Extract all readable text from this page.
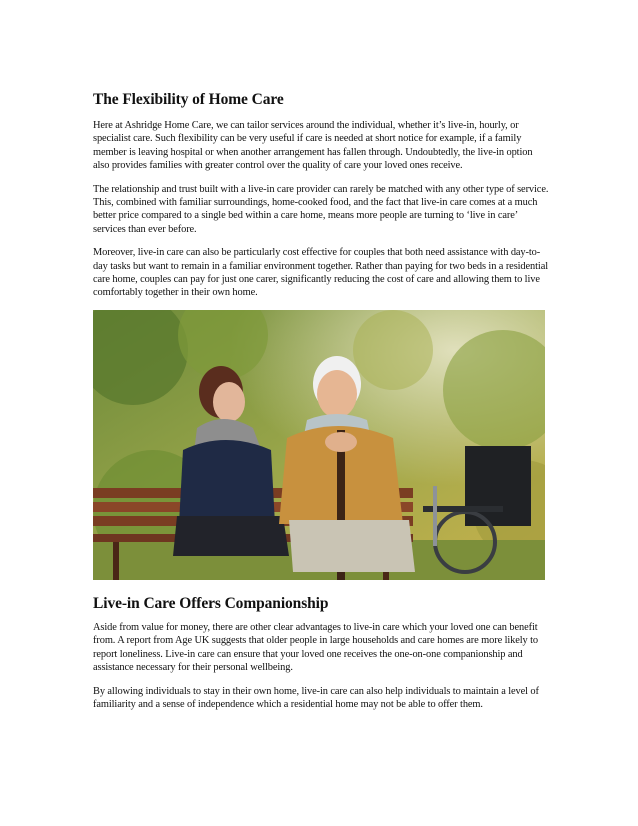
The Flexibility of Home Care

Here at Ashridge Home Care, we can tailor services around the individual, whether it’s live-in, hourly, or specialist care. Such flexibility can be very useful if care is needed at short notice for example, if a family member is leaving hospital or when another arrangement has fallen through. Undoubtedly, the live-in option also provides families with greater control over the quality of care your loved ones receive.

The relationship and trust built with a live-in care provider can rarely be matched with any other type of service. This, combined with familiar surroundings, home-cooked food, and the fact that live-in care comes at a much better price compared to a single bed within a care home, means more people are turning to ‘live in care’ services than ever before.

Moreover, live-in care can also be particularly cost effective for couples that both need assistance with day-to-day tasks but want to remain in a familiar environment together. Rather than paying for two beds in a residential care home, couples can pay for just one carer, significantly reducing the cost of care and allowing them to live comfortably together in their own home.

Live-in Care Offers Companionship

Aside from value for money, there are other clear advantages to live-in care which your loved one can benefit from. A report from Age UK suggests that older people in large households and care homes are more likely to report loneliness. Live-in care can ensure that your loved one receives the one-on-one companionship and assistance necessary for their personal wellbeing.

By allowing individuals to stay in their own home, live-in care can also help individuals to maintain a level of familiarity and a sense of independence which a residential home may not be able to offer them.
